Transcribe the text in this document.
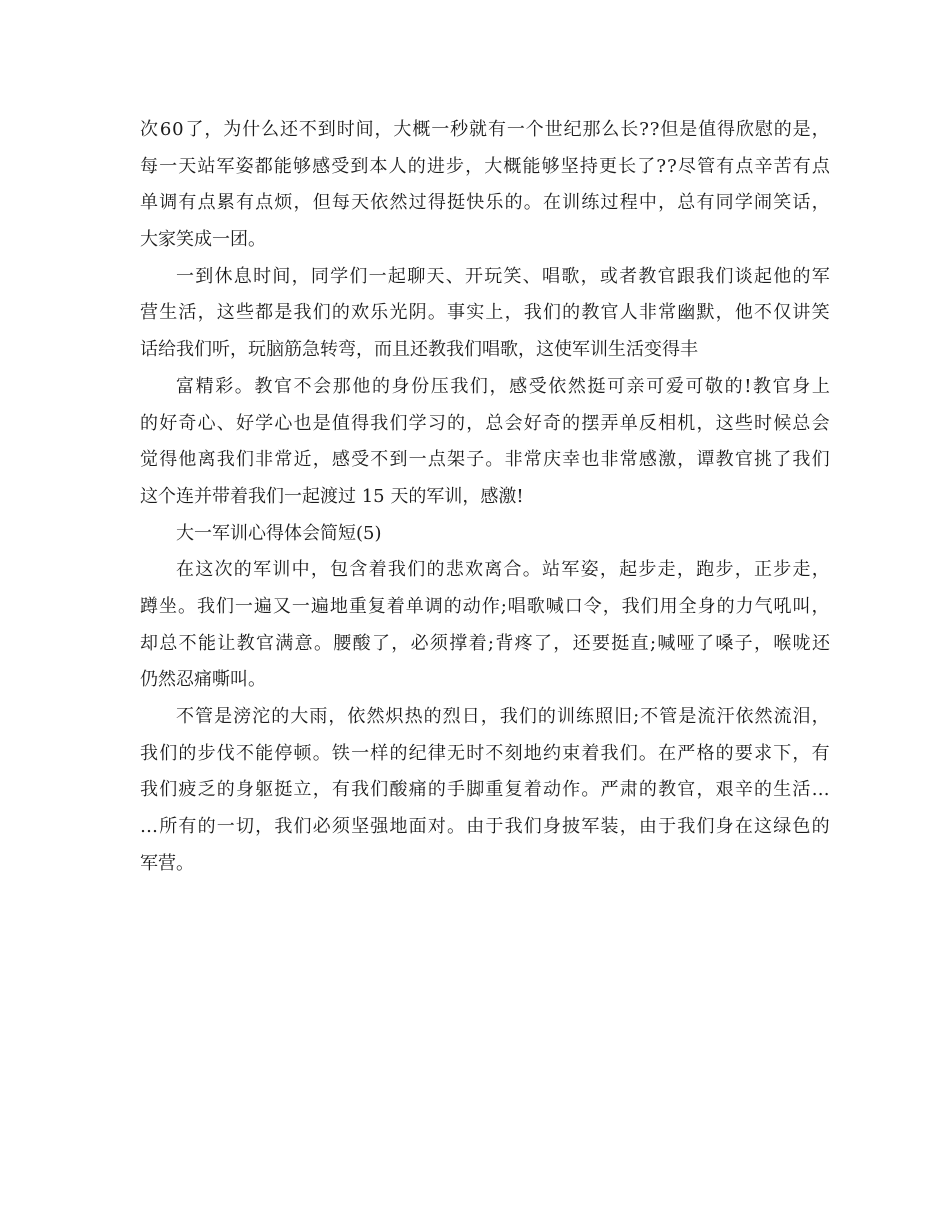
次 6 0 了 ， 为 什 么 还 不 到 时 间 ， 大 概 一 秒 就 有 一 个 世 纪 那 么 长 ? ? 但 是 值 得 欣 慰 的 是 ，
每 一 天 站 军 姿 都 能 够 感 受 到 本 人 的 进 步 ， 大 概 能 够 坚 持 更 长 了 ? ? 尽 管 有 点 辛 苦 有 点
单 调 有 点 累 有 点 烦 ， 但 每 天 依 然 过 得 挺 快 乐 的 。 在 训 练 过 程 中 ， 总 有 同 学 闹 笑 话 ，
大家笑成一团。
一 到 休 息 时 间 ， 同 学 们 一 起 聊 天 、 开 玩 笑 、 唱 歌 ， 或 者 教 官 跟 我 们 谈 起 他 的 军
营 生 活 ， 这 些 都 是 我 们 的 欢 乐 光 阴 。 事 实 上 ， 我 们 的 教 官 人 非 常 幽 默 ， 他 不 仅 讲 笑
话给我们听，玩脑筋急转弯，而且还教我们唱歌，这使军训生活变得丰
富 精 彩 。 教 官 不 会 那 他 的 身 份 压 我 们 ， 感 受 依 然 挺 可 亲 可 爱 可 敬 的 ! 教 官 身 上
的 好 奇 心 、 好 学 心 也 是 值 得 我 们 学 习 的 ， 总 会 好 奇 的 摆 弄 单 反 相 机 ， 这 些 时 候 总 会
觉 得 他 离 我 们 非 常 近 ， 感 受 不 到 一 点 架 子 。 非 常 庆 幸 也 非 常 感 激 ， 谭 教 官 挑 了 我 们
这个连并带着我们一起渡过 15 天的军训，感激!
大一军训心得体会简短(5)
在 这 次 的 军 训 中 ， 包 含 着 我 们 的 悲 欢 离 合 。 站 军 姿 ， 起 步 走 ， 跑 步 ， 正 步 走 ，
蹲 坐 。 我 们 一 遍 又 一 遍 地 重 复 着 单 调 的 动 作 ; 唱 歌 喊 口 令 ， 我 们 用 全 身 的 力 气 吼 叫 ，
却 总 不 能 让 教 官 满 意 。 腰 酸 了 ， 必 须 撑 着 ; 背 疼 了 ， 还 要 挺 直 ; 喊 哑 了 嗓 子 ， 喉 咙 还
仍然忍痛嘶叫。
不 管 是 滂 沱 的 大 雨 ， 依 然 炽 热 的 烈 日 ， 我 们 的 训 练 照 旧 ; 不 管 是 流 汗 依 然 流 泪 ，
我 们 的 步 伐 不 能 停 顿 。 铁 一 样 的 纪 律 无 时 不 刻 地 约 束 着 我 们 。 在 严 格 的 要 求 下 ， 有
我 们 疲 乏 的 身 躯 挺 立 ， 有 我 们 酸 痛 的 手 脚 重 复 着 动 作 。 严 肃 的 教 官 ， 艰 辛 的 生 活 …
… 所 有 的 一 切 ， 我 们 必 须 坚 强 地 面 对 。 由 于 我 们 身 披 军 装 ， 由 于 我 们 身 在 这 绿 色 的
军营。
